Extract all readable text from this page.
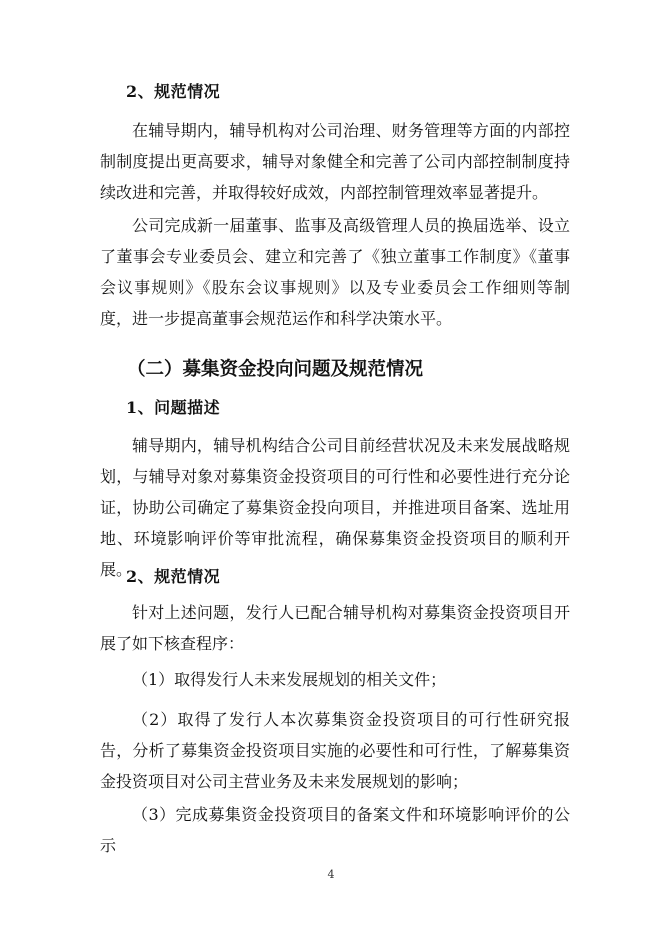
2、规范情况

在辅导期内，辅导机构对公司治理、财务管理等方面的内部控制制度提出更高要求，辅导对象健全和完善了公司内部控制制度持续改进和完善，并取得较好成效，内部控制管理效率显著提升。

公司完成新一届董事、监事及高级管理人员的换届选举、设立了董事会专业委员会、建立和完善了《独立董事工作制度》《董事会议事规则》《股东会议事规则》以及专业委员会工作细则等制度，进一步提高董事会规范运作和科学决策水平。

（二）募集资金投向问题及规范情况
1、问题描述

辅导期内，辅导机构结合公司目前经营状况及未来发展战略规划，与辅导对象对募集资金投资项目的可行性和必要性进行充分论证，协助公司确定了募集资金投向项目，并推进项目备案、选址用地、环境影响评价等审批流程，确保募集资金投资项目的顺利开展。

2、规范情况

针对上述问题，发行人已配合辅导机构对募集资金投资项目开展了如下核查程序：

（1）取得发行人未来发展规划的相关文件；

（2）取得了发行人本次募集资金投资项目的可行性研究报告，分析了募集资金投资项目实施的必要性和可行性，了解募集资金投资项目对公司主营业务及未来发展规划的影响；

（3）完成募集资金投资项目的备案文件和环境影响评价的公示

4
